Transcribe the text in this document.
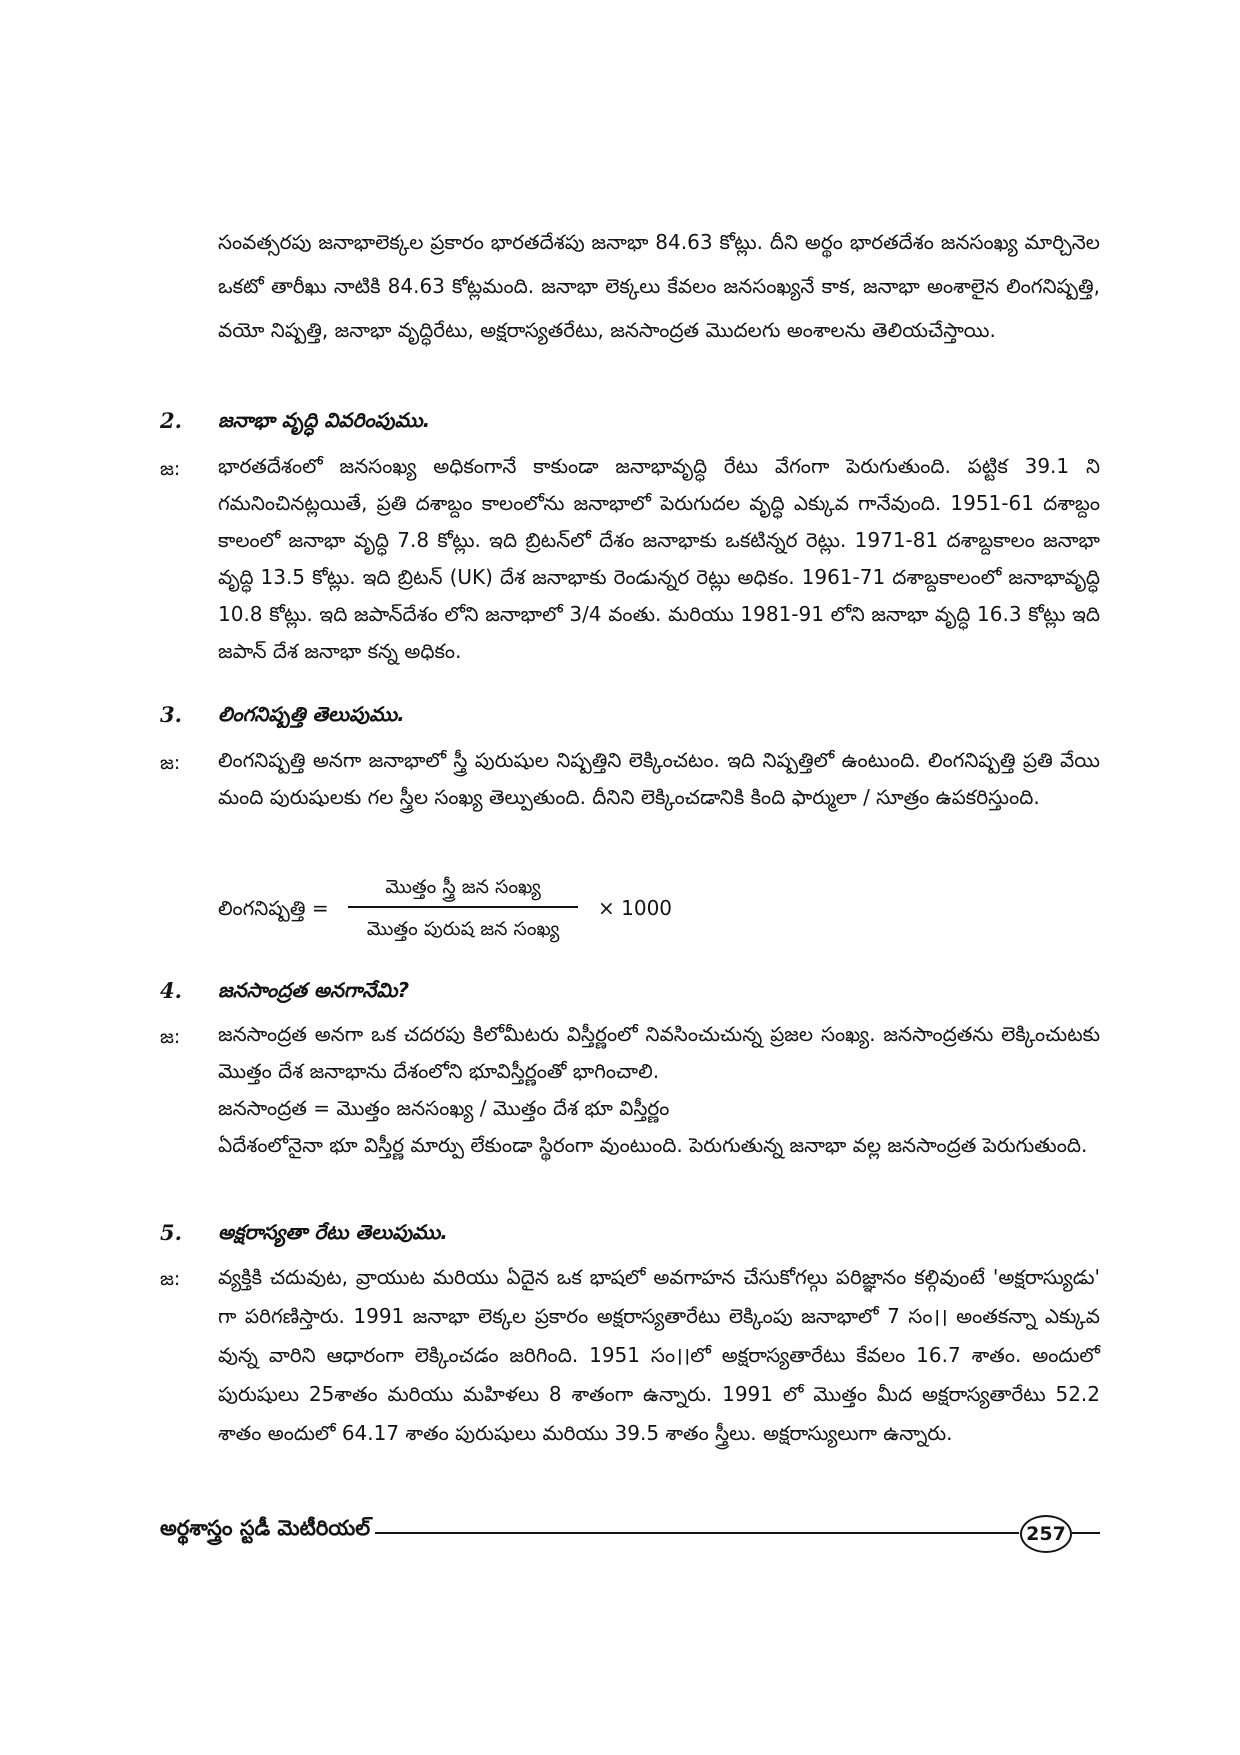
సంవత్సరపు జనాభాలెక్కల ప్రకారం భారతదేశపు జనాభా 84.63 కోట్లు. దీని అర్థం భారతదేశం జనసంఖ్య మార్చినెల ఒకటో తారీఖు నాటికి 84.63 కోట్లమంది. జనాభా లెక్కలు కేవలం జనసంఖ్యనే కాక, జనాభా అంశాలైన లింగనిష్పత్తి, వయో నిష్పత్తి, జనాభా వృద్ధిరేటు, అక్షరాస్యతరేటు, జనసాంద్రత మొదలగు అంశాలను తెలియచేస్తాయి.

2. జనాభా వృద్ధి వివరింపుము.
జ: భారతదేశంలో జనసంఖ్య అధికంగానే కాకుండా జనాభావృద్ధి రేటు వేగంగా పెరుగుతుంది. పట్టిక 39.1 ని గమనించినట్లయితే, ప్రతి దశాబ్దం కాలంలోను జనాభాలో పెరుగుదల వృద్ధి ఎక్కువ గానేవుంది. 1951-61 దశాబ్దం కాలంలో జనాభా వృద్ధి 7.8 కోట్లు. ఇది బ్రిటన్‌లో దేశం జనాభాకు ఒకటిన్నర రెట్లు. 1971-81 దశాబ్దకాలం జనాభా వృద్ధి 13.5 కోట్లు. ఇది బ్రిటన్ (UK) దేశ జనాభాకు రెండున్నర రెట్లు అధికం. 1961-71 దశాబ్దకాలంలో జనాభావృద్ధి 10.8 కోట్లు. ఇది జపాన్‌దేశం లోని జనాభాలో 3/4 వంతు. మరియు 1981-91 లోని జనాభా వృద్ధి 16.3 కోట్లు ఇది జపాన్ దేశ జనాభా కన్న అధికం.

3. లింగనిష్పత్తి తెలుపుము.
జ: లింగనిష్పత్తి అనగా జనాభాలో స్త్రీ పురుషుల నిష్పత్తిని లెక్కించటం. ఇది నిష్పత్తిలో ఉంటుంది. లింగనిష్పత్తి ప్రతి వేయి మంది పురుషులకు గల స్త్రీల సంఖ్య తెల్పుతుంది. దీనిని లెక్కించడానికి కింది ఫార్ములా / సూత్రం ఉపకరిస్తుంది.

లింగనిష్పత్తి =
మొత్తం స్త్రీ జన సంఖ్య
మొత్తం పురుష జన సంఖ్య
× 1000
4. జనసాంద్రత అనగానేమి?
జ: జనసాంద్రత అనగా ఒక చదరపు కిలోమీటరు విస్తీర్ణంలో నివసించుచున్న ప్రజల సంఖ్య. జనసాంద్రతను లెక్కించుటకు మొత్తం దేశ జనాభాను దేశంలోని భూవిస్తీర్ణంతో భాగించాలి.

జనసాంద్రత = మొత్తం జనసంఖ్య / మొత్తం దేశ భూ విస్తీర్ణం

ఏదేశంలోనైనా భూ విస్తీర్ణ మార్పు లేకుండా స్థిరంగా వుంటుంది. పెరుగుతున్న జనాభా వల్ల జనసాంద్రత పెరుగుతుంది.

5. అక్షరాస్యతా రేటు తెలుపుము.
జ: వ్యక్తికి చదువుట, వ్రాయుట మరియు ఏదైన ఒక భాషలో అవగాహన చేసుకోగల్గు పరిజ్ఞానం కల్గివుంటే 'అక్షరాస్యుడు' గా పరిగణిస్తారు. 1991 జనాభా లెక్కల ప్రకారం అక్షరాస్యతారేటు లెక్కింపు జనాభాలో 7 సం।। అంతకన్నా ఎక్కువ వున్న వారిని ఆధారంగా లెక్కించడం జరిగింది. 1951 సం।।లో అక్షరాస్యతారేటు కేవలం 16.7 శాతం. అందులో పురుషులు 25శాతం మరియు మహిళలు 8 శాతంగా ఉన్నారు. 1991 లో మొత్తం మీద అక్షరాస్యతారేటు 52.2 శాతం అందులో 64.17 శాతం పురుషులు మరియు 39.5 శాతం స్త్రీలు. అక్షరాస్యులుగా ఉన్నారు.

అర్థశాస్త్రం స్టడీ మెటీరియల్	257
